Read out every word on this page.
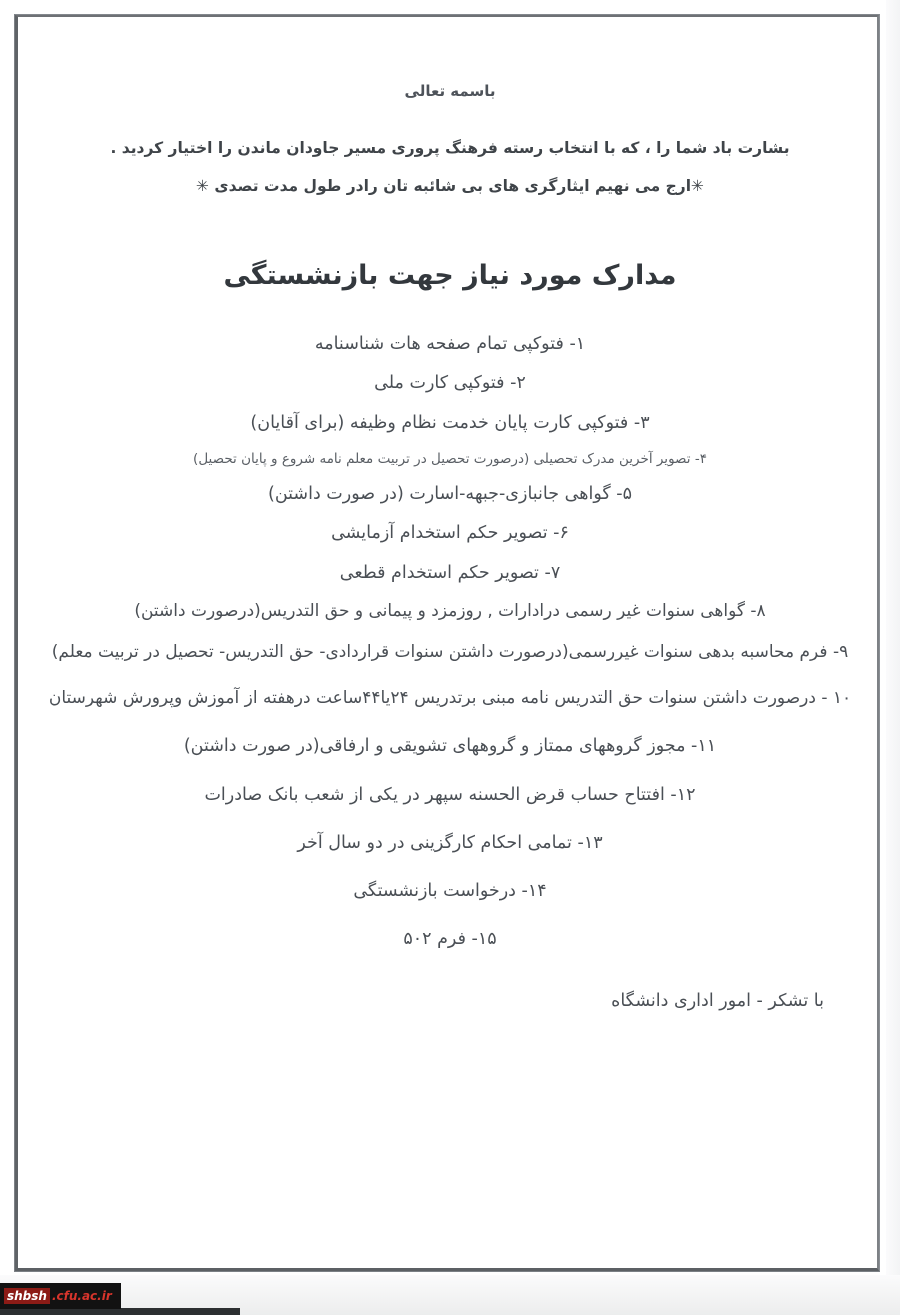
باسمه تعالی

بشارت باد شما را ، که با انتخاب رسته فرهنگ پروری مسیر جاودان ماندن را اختیار کردید .

✳ارج می نهیم ایثارگری های بی شائبه تان رادر طول مدت تصدی ✳

مدارک مورد نیاز جهت بازنشستگی
۱- فتوکپی تمام صفحه هات شناسنامه
۲- فتوکپی کارت ملی
۳- فتوکپی کارت پایان خدمت نظام وظیفه (برای آقایان)
۴- تصویر آخرین مدرک تحصیلی (درصورت تحصیل در تربیت معلم نامه شروع و پایان تحصیل)
۵- گواهی جانبازی-جبهه-اسارت (در صورت داشتن)
۶- تصویر حکم استخدام آزمایشی
۷- تصویر حکم استخدام قطعی
۸- گواهی سنوات غیر رسمی درادارات , روزمزد و پیمانی و حق التدریس(درصورت داشتن)
۹- فرم محاسبه بدهی سنوات غیررسمی(درصورت داشتن سنوات قراردادی- حق التدریس- تحصیل در تربیت معلم)
۱۰ - درصورت داشتن سنوات حق التدریس نامه مبنی برتدریس ۲۴یا۴۴ساعت درهفته از آموزش وپرورش شهرستان
۱۱- مجوز گروههای ممتاز و گروههای تشویقی و ارفاقی(در صورت داشتن)
۱۲- افتتاح حساب قرض الحسنه سپهر در یکی از شعب بانک صادرات
۱۳- تمامی احکام کارگزینی در دو سال آخر
۱۴- درخواست بازنشستگی
۱۵- فرم ۵۰۲
با تشکر - امور اداری دانشگاه
shbsh .cfu.ac.ir
